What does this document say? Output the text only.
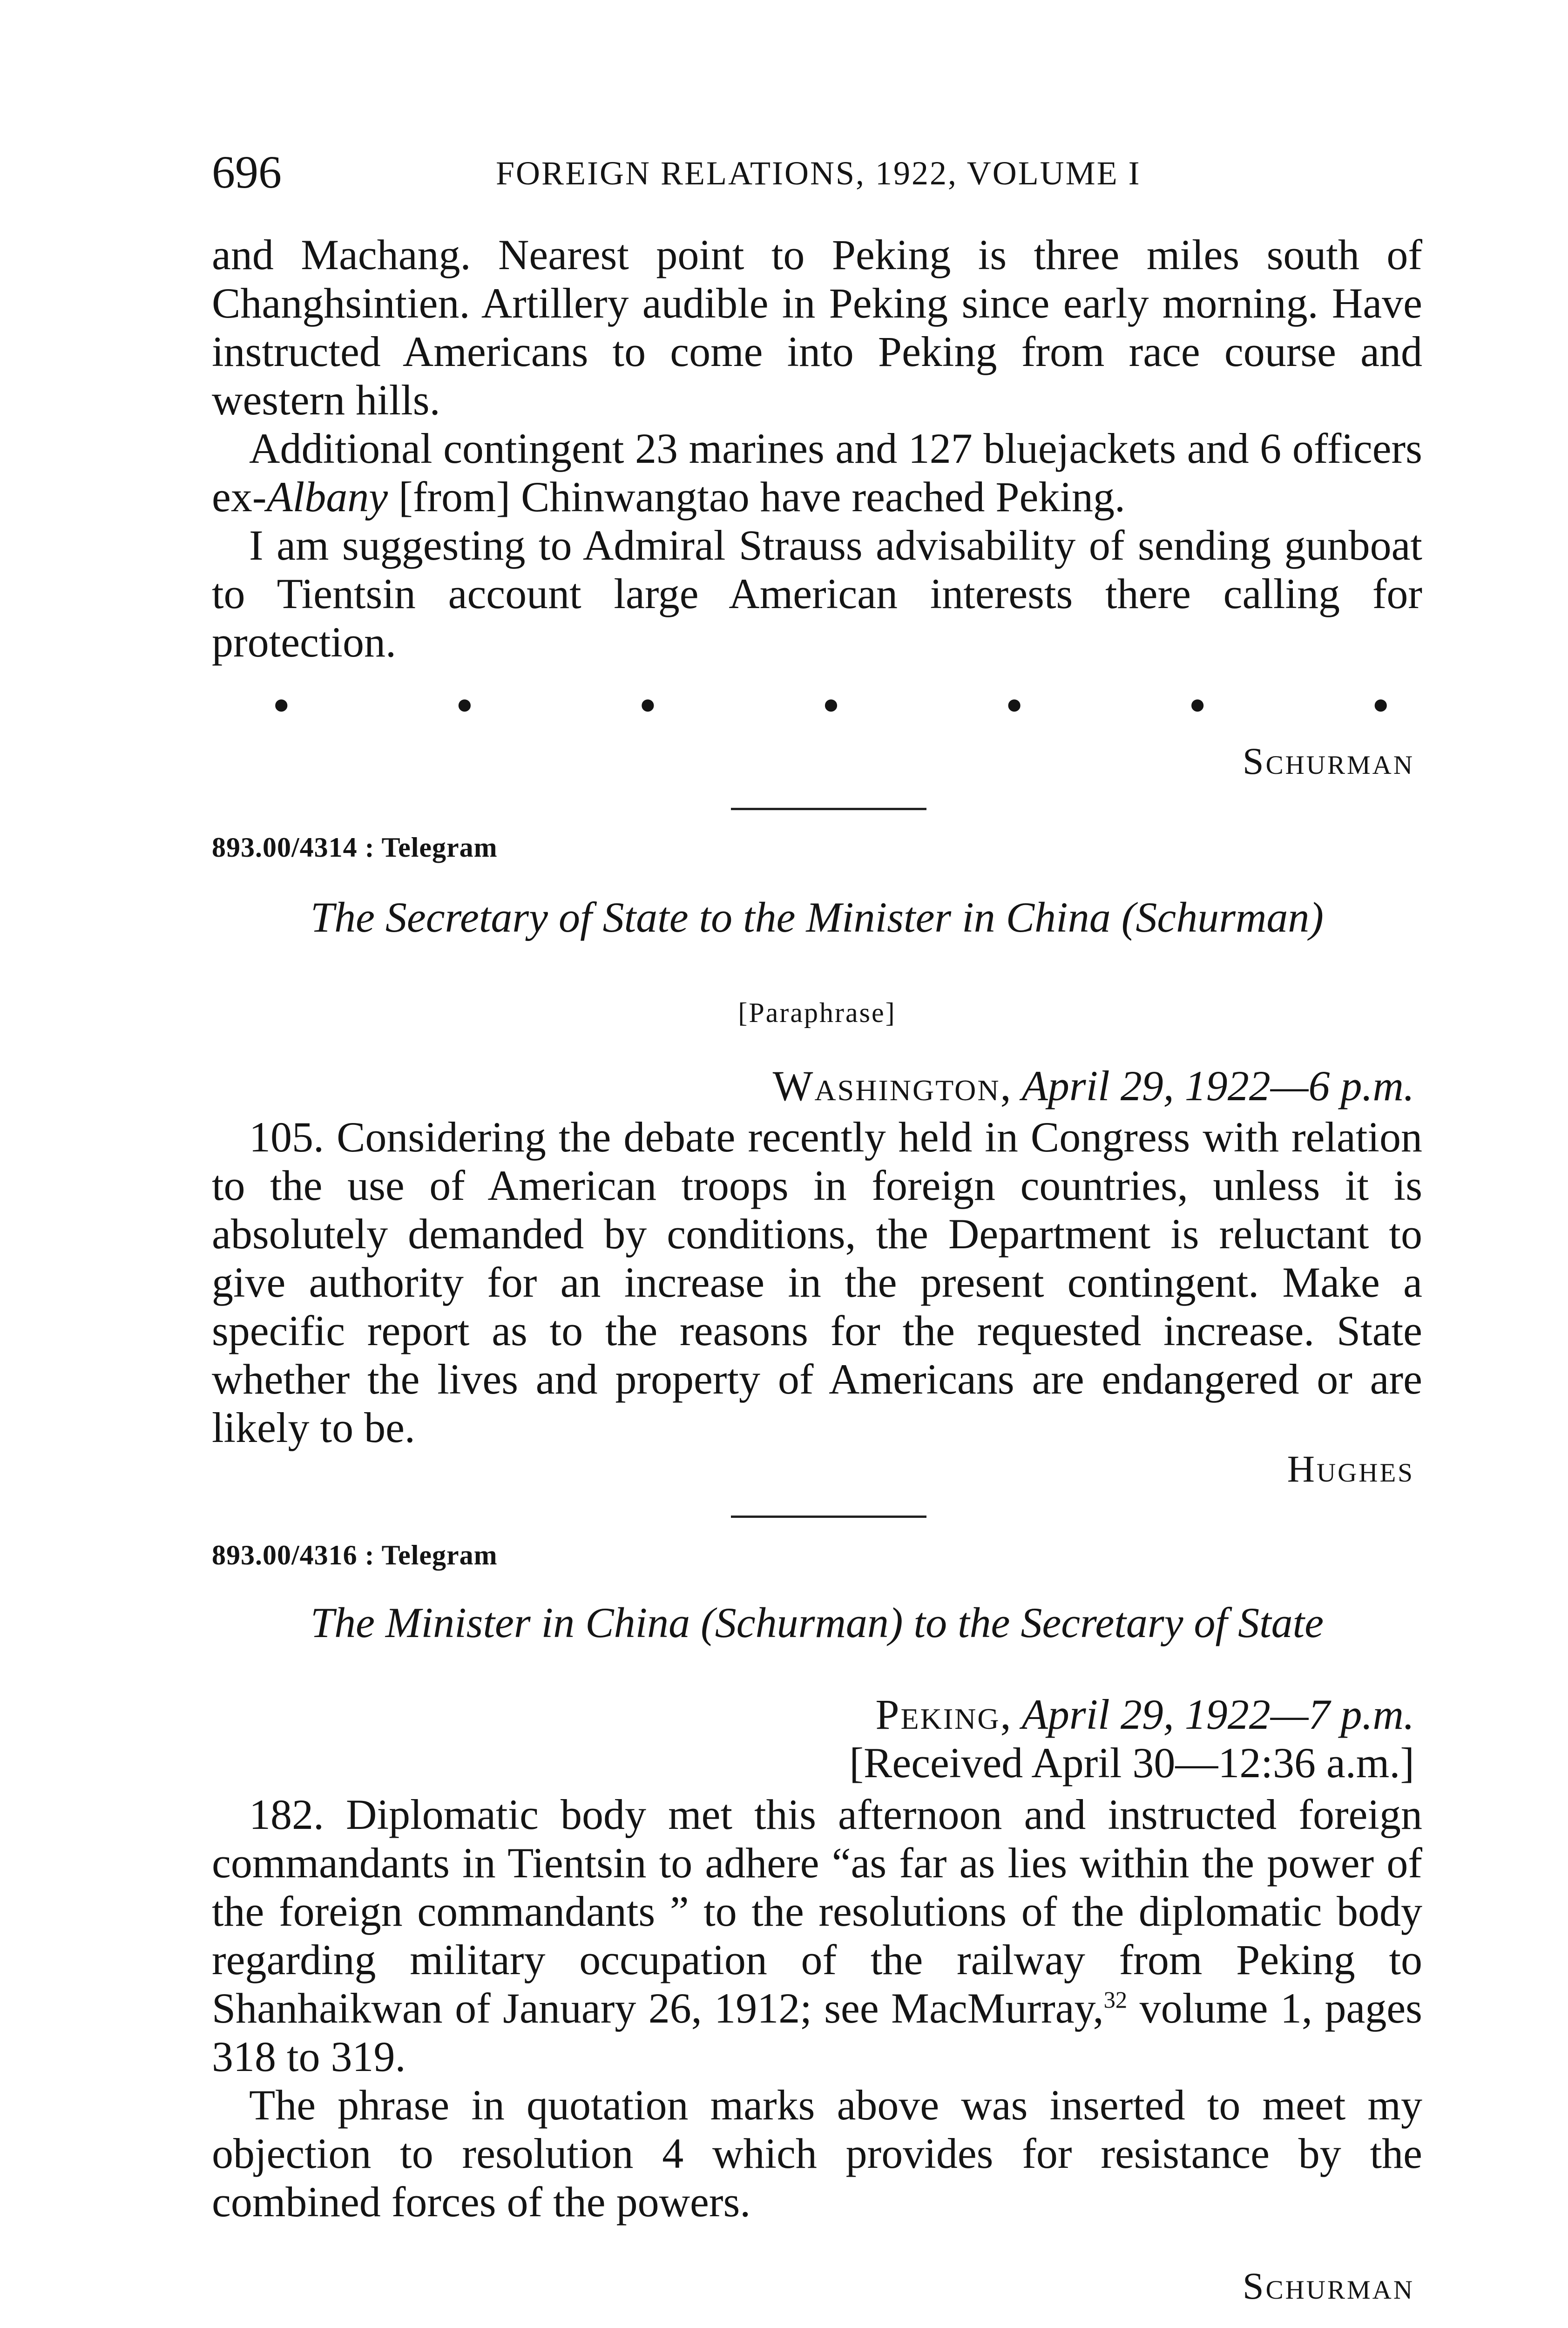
696	FOREIGN RELATIONS, 1922, VOLUME I

and Machang. Nearest point to Peking is three miles south of Changhsintien. Artillery audible in Peking since early morning. Have instructed Americans to come into Peking from race course and western hills.

Additional contingent 23 marines and 127 bluejackets and 6 officers ex-Albany [from] Chinwangtao have reached Peking.

I am suggesting to Admiral Strauss advisability of sending gunboat to Tientsin account large American interests there calling for protection.

•	•	•	•	•	•	•
Schurman
893.00/4314 : Telegram
The Secretary of State to the Minister in China (Schurman)
[Paraphrase]
Washington, April 29, 1922—6 p.m.

105. Considering the debate recently held in Congress with relation to the use of American troops in foreign countries, unless it is absolutely demanded by conditions, the Department is reluctant to give authority for an increase in the present contingent. Make a specific report as to the reasons for the requested increase. State whether the lives and property of Americans are endangered or are likely to be.

Hughes
893.00/4316 : Telegram
The Minister in China (Schurman) to the Secretary of State
Peking, April 29, 1922—7 p.m.
[Received April 30—12:36 a.m.]

182. Diplomatic body met this afternoon and instructed foreign commandants in Tientsin to adhere “as far as lies within the power of the foreign commandants ” to the resolutions of the diplomatic body regarding military occupation of the railway from Peking to Shanhaikwan of January 26, 1912; see MacMurray,$^{32}$ volume 1, pages 318 to 319.

The phrase in quotation marks above was inserted to meet my objection to resolution 4 which provides for resistance by the combined forces of the powers.

Schurman
